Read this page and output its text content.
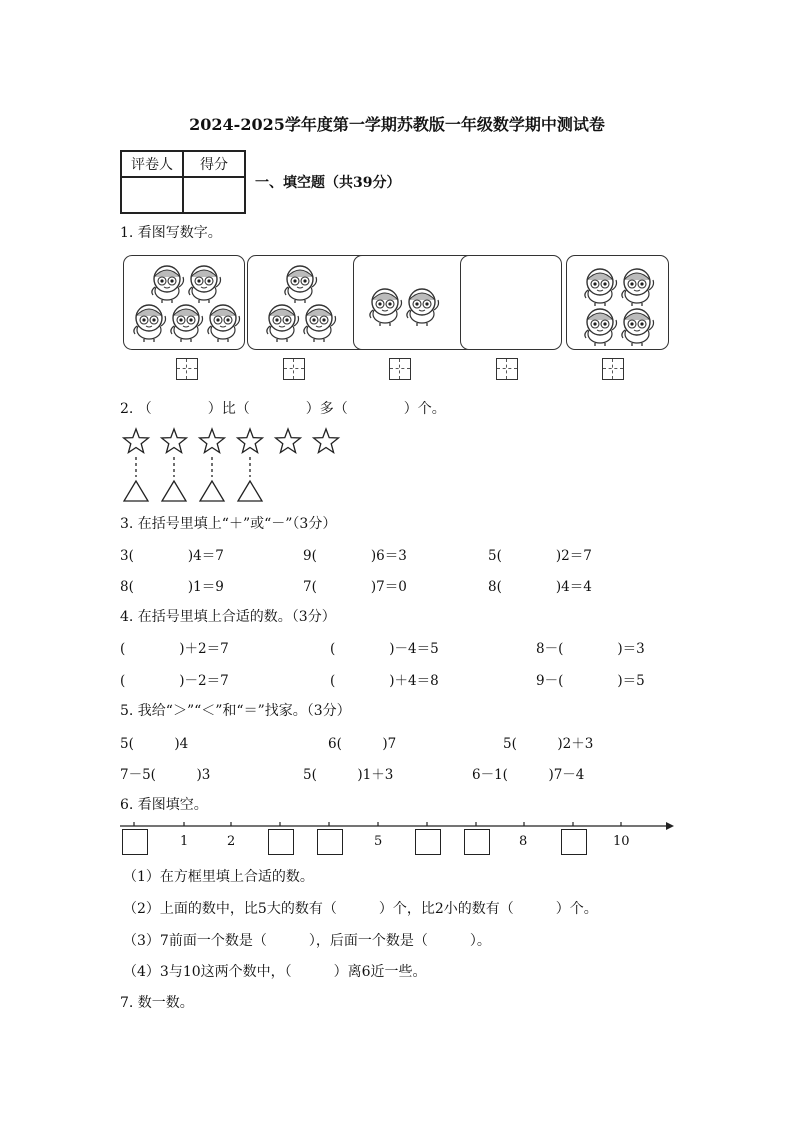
2024-2025学年度第一学期苏教版一年级数学期中测试卷
评卷人	得分

一、填空题（共39分）
1. 看图写数字。
2. （　　　　）比（　　　　）多（　　　　）个。
3. 在括号里填上“＋”或“－”（3分）
3(　　　　)4＝7	9(　　　　)6＝3	5(　　　　)2＝7
8(　　　　)1＝9	7(　　　　)7＝0	8(　　　　)4＝4
4. 在括号里填上合适的数。（3分）
(　　　　)＋2＝7	(　　　　)－4＝5	8－(　　　　)＝3
(　　　　)－2＝7	(　　　　)＋4＝8	9－(　　　　)＝5
5. 我给“＞”“＜”和“＝”找家。（3分）
5(　　　)4	6(　　　)7	5(　　　)2＋3
7－5(　　　)3	5(　　　)1＋3	6－1(　　　)7－4
6. 看图填空。
1	2	5	8	10
（1）在方框里填上合适的数。
（2）上面的数中，比5大的数有（　　　）个，比2小的数有（　　　）个。
（3）7前面一个数是（　　　），后面一个数是（　　　）。
（4）3与10这两个数中，（　　　）离6近一些。
7. 数一数。
